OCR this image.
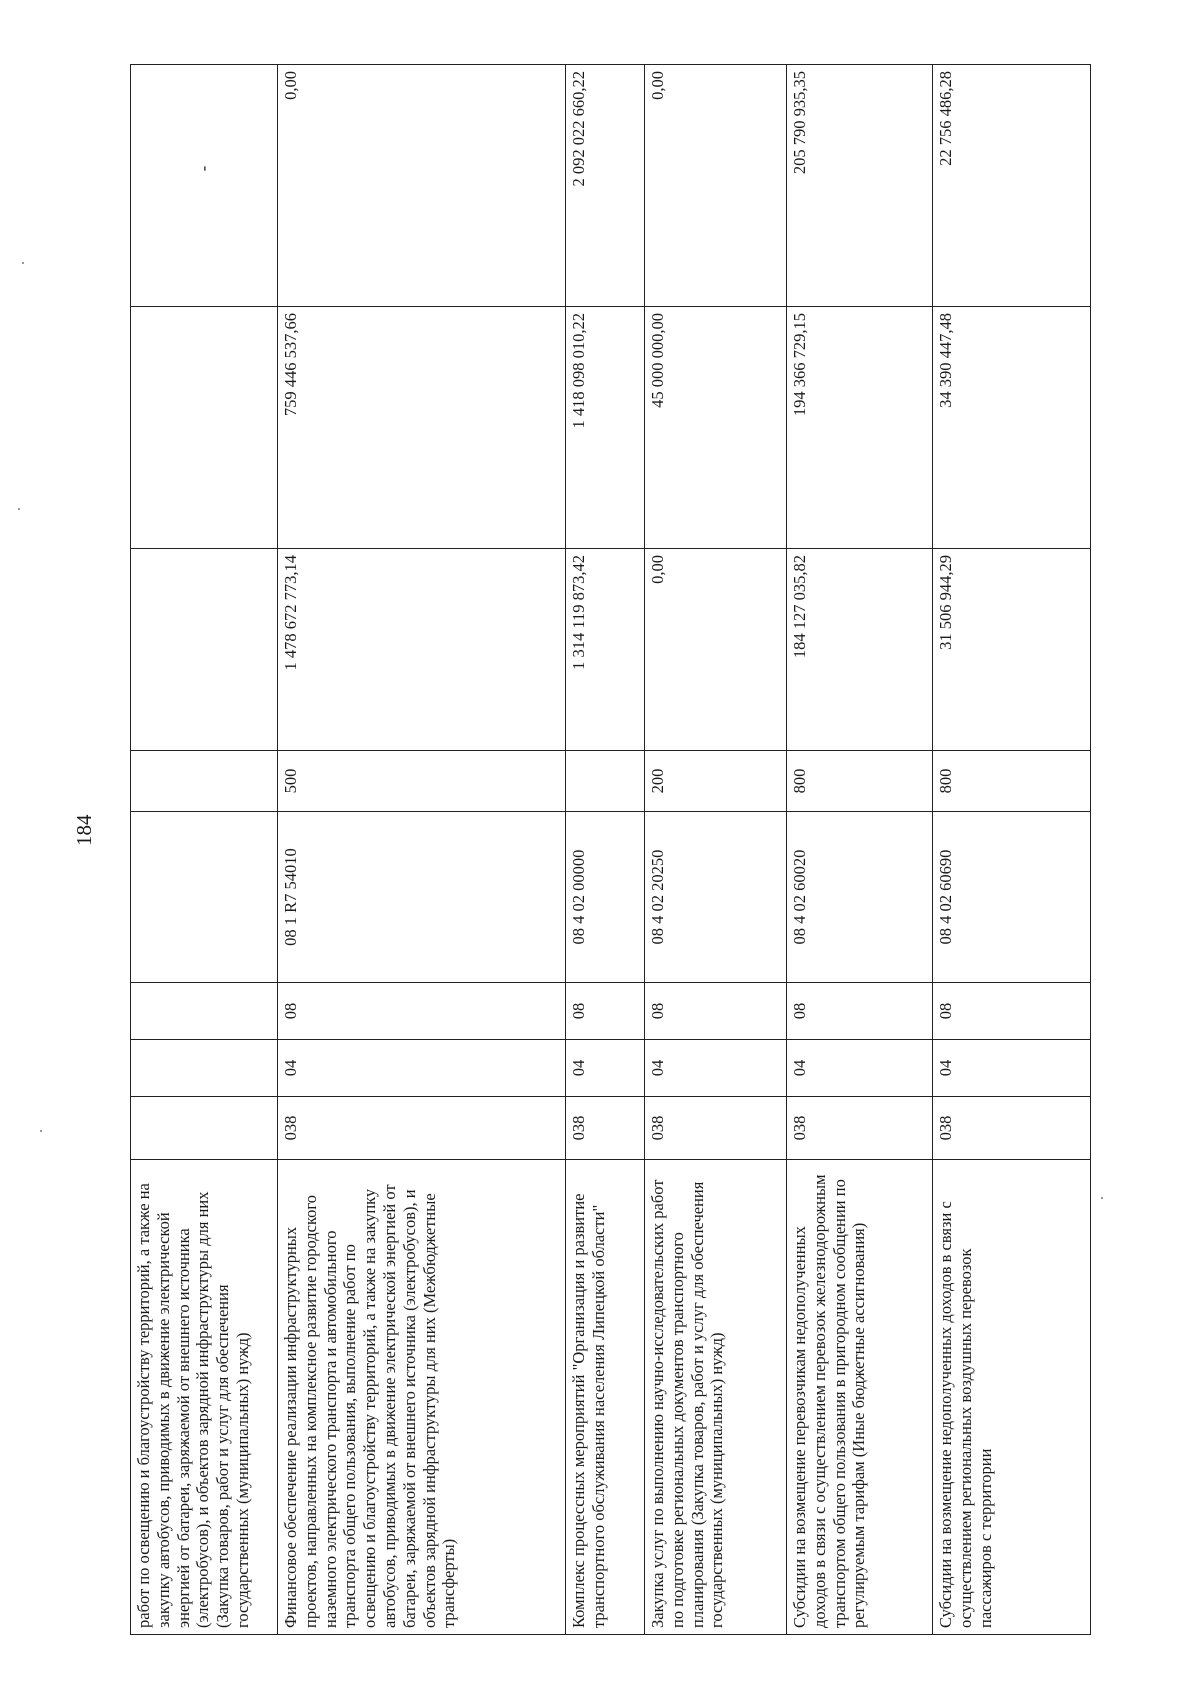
184
работ по освещению и благоустройству территорий, а также на закупку автобусов, приводимых в движение электрической энергией от батареи, заряжаемой от внешнего источника (электробусов), и объектов зарядной инфраструктуры для них (Закупка товаров, работ и услуг для обеспечения государственных (муниципальных) нужд)								-
Финансовое обеспечение реализации инфраструктурных проектов, направленных на комплексное развитие городского наземного электрического транспорта и автомобильного транспорта общего пользования, выполнение работ по освещению и благоустройству территорий, а также на закупку автобусов, приводимых в движение электрической энергией от батареи, заряжаемой от внешнего источника (электробусов), и объектов зарядной инфраструктуры для них (Межбюджетные трансферты)	038	04	08	08 1 R7 54010	500	1 478 672 773,14	759 446 537,66	0,00
Комплекс процессных мероприятий "Организация и развитие транспортного обслуживания населения Липецкой области"	038	04	08	08 4 02 00000		1 314 119 873,42	1 418 098 010,22	2 092 022 660,22
Закупка услуг по выполнению научно-исследовательских работ по подготовке региональных документов транспортного планирования (Закупка товаров, работ и услуг для обеспечения государственных (муниципальных) нужд)	038	04	08	08 4 02 20250	200	0,00	45 000 000,00	0,00
Субсидии на возмещение перевозчикам недополученных доходов в связи с осуществлением перевозок железнодорожным транспортом общего пользования в пригородном сообщении по регулируемым тарифам (Иные бюджетные ассигнования)	038	04	08	08 4 02 60020	800	184 127 035,82	194 366 729,15	205 790 935,35
Субсидии на возмещение недополученных доходов в связи с осуществлением региональных воздушных перевозок пассажиров с территории	038	04	08	08 4 02 60690	800	31 506 944,29	34 390 447,48	22 756 486,28
